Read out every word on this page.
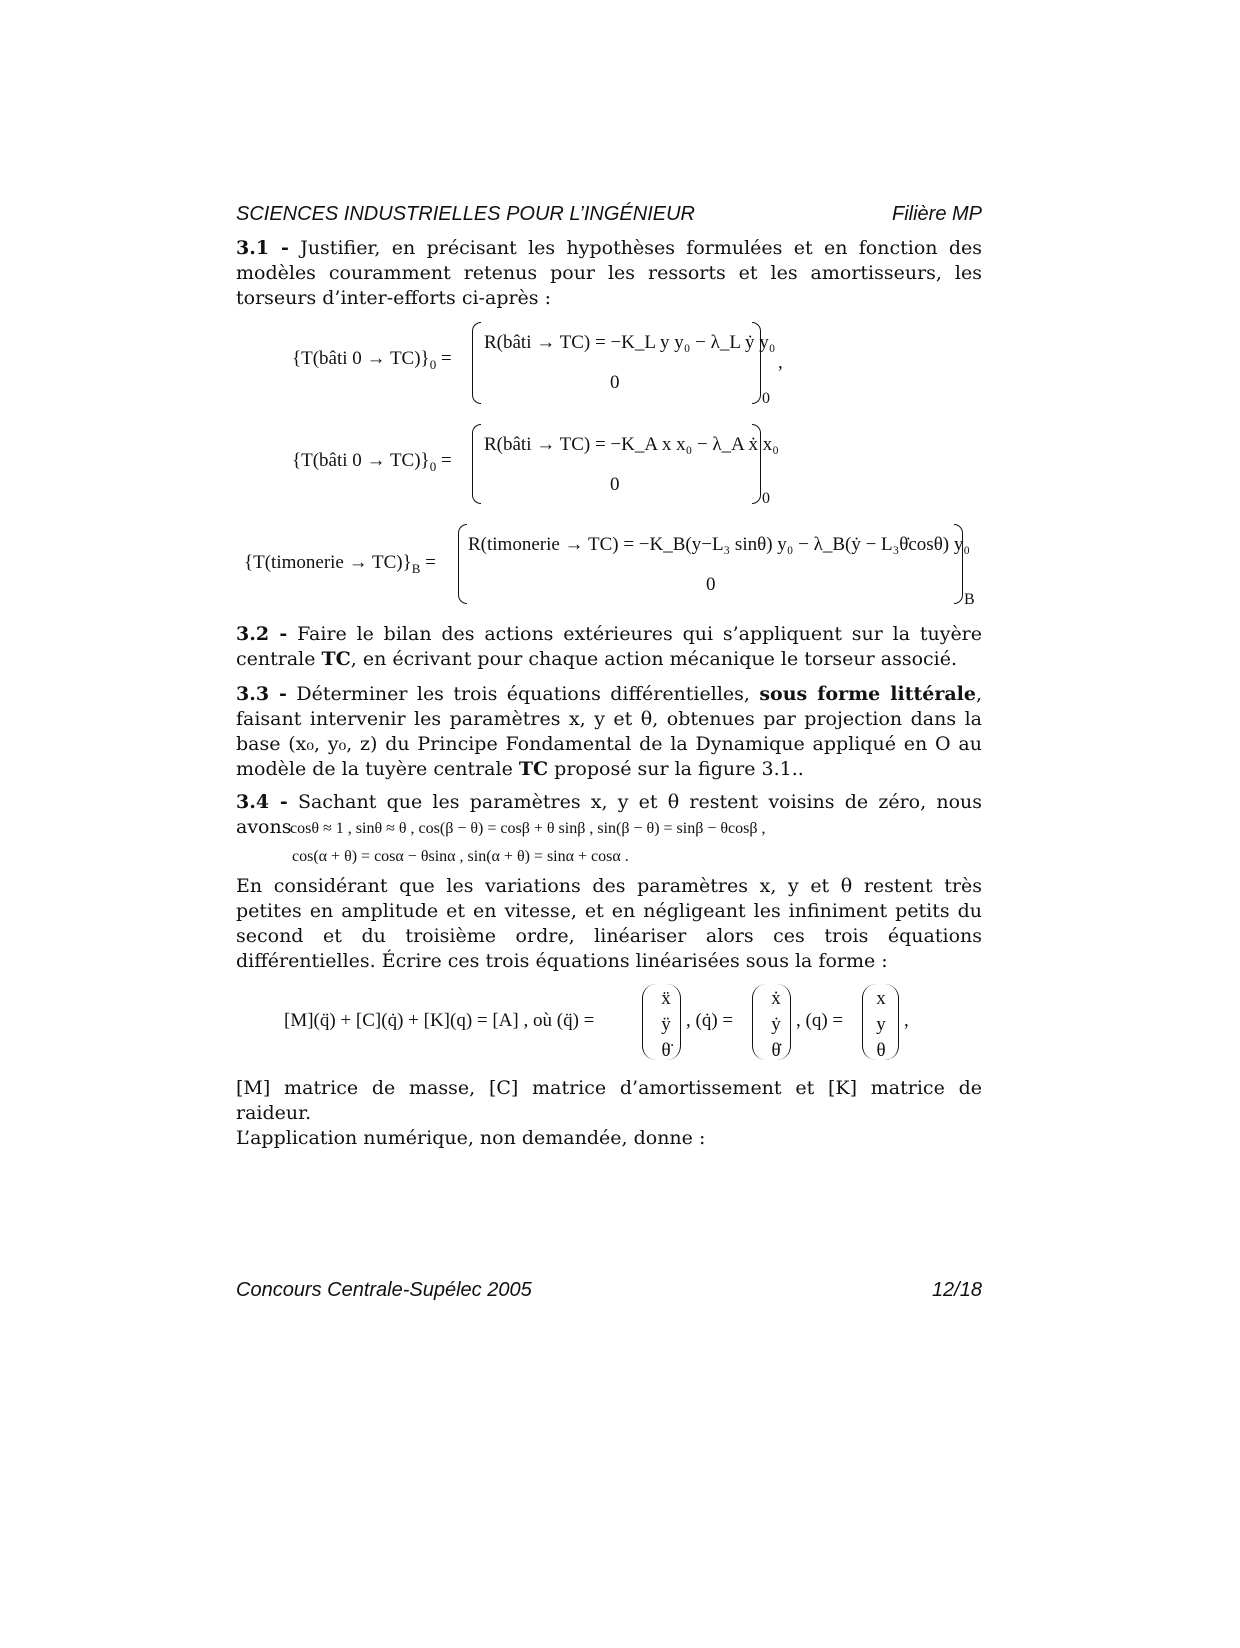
SCIENCES INDUSTRIELLES POUR L’INGÉNIEUR	Filière MP
3.1 - Justifier, en précisant les hypothèses formulées et en fonction des modèles couramment retenus pour les ressorts et les amortisseurs, les torseurs d’inter-efforts ci-après :
{T(bâti $0 \to TC)\}_0$ =
R(bâti → TC) = −K_L y y₀ − λ_L ẏ y₀
0
0
,
{T(bâti $0 \to TC)\}_0$ =
R(bâti → TC) = −K_A x x₀ − λ_A ẋ x₀
0
0
{T(timonerie → $TC)\}_B$ =
R(timonerie → TC) = −K_B(y−L₃ sinθ) y₀ − λ_B(ẏ − L₃θ̇cosθ) y₀
0
B
3.2 - Faire le bilan des actions extérieures qui s’appliquent sur la tuyère centrale TC, en écrivant pour chaque action mécanique le torseur associé.
3.3 - Déterminer les trois équations différentielles, sous forme littérale, faisant intervenir les paramètres x, y et θ, obtenues par projection dans la base (x₀, y₀, z) du Principe Fondamental de la Dynamique appliqué en O au modèle de la tuyère centrale TC proposé sur la figure 3.1..
3.4 - Sachant que les paramètres x, y et θ restent voisins de zéro, nous avons
cosθ ≈ 1 , sinθ ≈ θ , cos(β − θ) = cosβ + θ sinβ , sin(β − θ) = sinβ − θcosβ ,
cos(α + θ) = cosα − θsinα , sin(α + θ) = sinα + cosα .
En considérant que les variations des paramètres x, y et θ restent très petites en amplitude et en vitesse, et en négligeant les infiniment petits du second et du troisième ordre, linéariser alors ces trois équations différentielles. Écrire ces trois équations linéarisées sous la forme :
[M](q̈) + [C](q̇) + [K](q) = [A] , où (q̈) =
ẍ
ÿ
θ̈
, (q̇) =
ẋ
ẏ
θ̇
, (q) =
x
y
θ
,
[M] matrice de masse, [C] matrice d’amortissement et [K] matrice de raideur.
L’application numérique, non demandée, donne :
Concours Centrale-Supélec 2005	12/18
